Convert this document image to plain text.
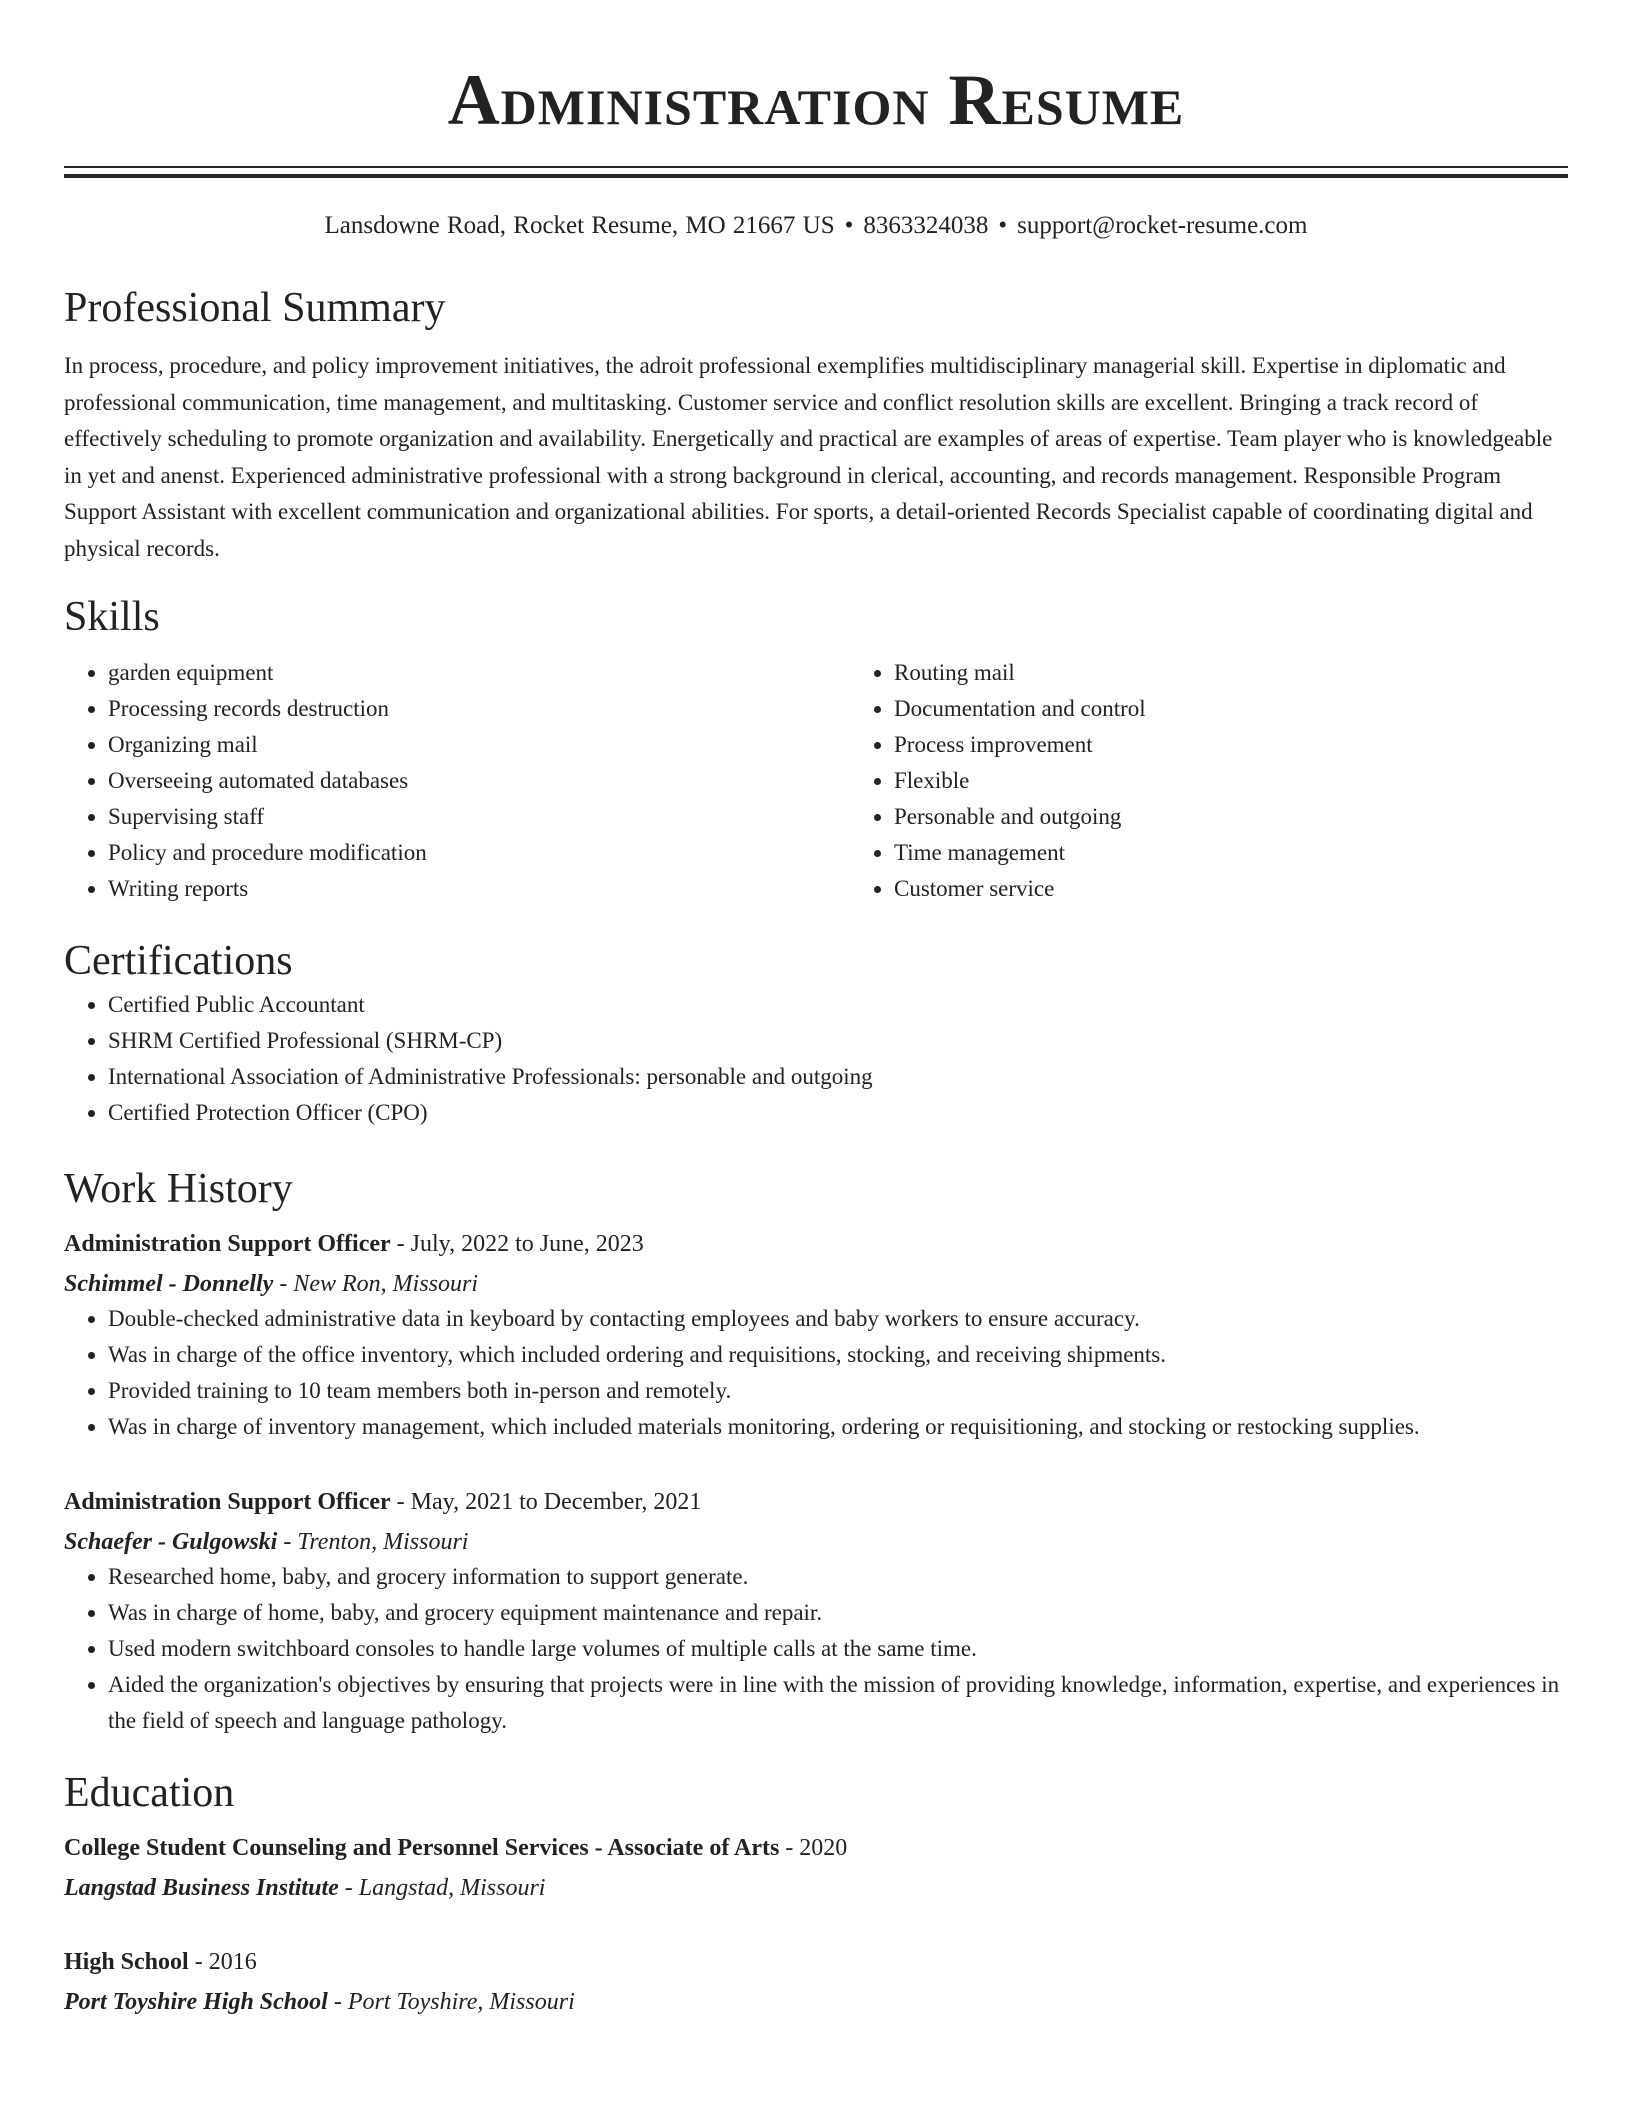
Administration Resume
Lansdowne Road, Rocket Resume, MO 21667 US • 8363324038 • support@rocket-resume.com
Professional Summary

In process, procedure, and policy improvement initiatives, the adroit professional exemplifies multidisciplinary managerial skill. Expertise in diplomatic and professional communication, time management, and multitasking. Customer service and conflict resolution skills are excellent. Bringing a track record of effectively scheduling to promote organization and availability. Energetically and practical are examples of areas of expertise. Team player who is knowledgeable in yet and anenst. Experienced administrative professional with a strong background in clerical, accounting, and records management. Responsible Program Support Assistant with excellent communication and organizational abilities. For sports, a detail-oriented Records Specialist capable of coordinating digital and physical records.

Skills
• garden equipment
• Processing records destruction
• Organizing mail
• Overseeing automated databases
• Supervising staff
• Policy and procedure modification
• Writing reports
• Routing mail
• Documentation and control
• Process improvement
• Flexible
• Personable and outgoing
• Time management
• Customer service
Certifications
• Certified Public Accountant
• SHRM Certified Professional (SHRM-CP)
• International Association of Administrative Professionals: personable and outgoing
• Certified Protection Officer (CPO)
Work History
Administration Support Officer - July, 2022 to June, 2023
Schimmel - Donnelly - New Ron, Missouri
• Double-checked administrative data in keyboard by contacting employees and baby workers to ensure accuracy.
• Was in charge of the office inventory, which included ordering and requisitions, stocking, and receiving shipments.
• Provided training to 10 team members both in-person and remotely.
• Was in charge of inventory management, which included materials monitoring, ordering or requisitioning, and stocking or restocking supplies.
Administration Support Officer - May, 2021 to December, 2021
Schaefer - Gulgowski - Trenton, Missouri
• Researched home, baby, and grocery information to support generate.
• Was in charge of home, baby, and grocery equipment maintenance and repair.
• Used modern switchboard consoles to handle large volumes of multiple calls at the same time.
• Aided the organization's objectives by ensuring that projects were in line with the mission of providing knowledge, information, expertise, and experiences in the field of speech and language pathology.
Education
College Student Counseling and Personnel Services - Associate of Arts - 2020
Langstad Business Institute - Langstad, Missouri
High School - 2016
Port Toyshire High School - Port Toyshire, Missouri
